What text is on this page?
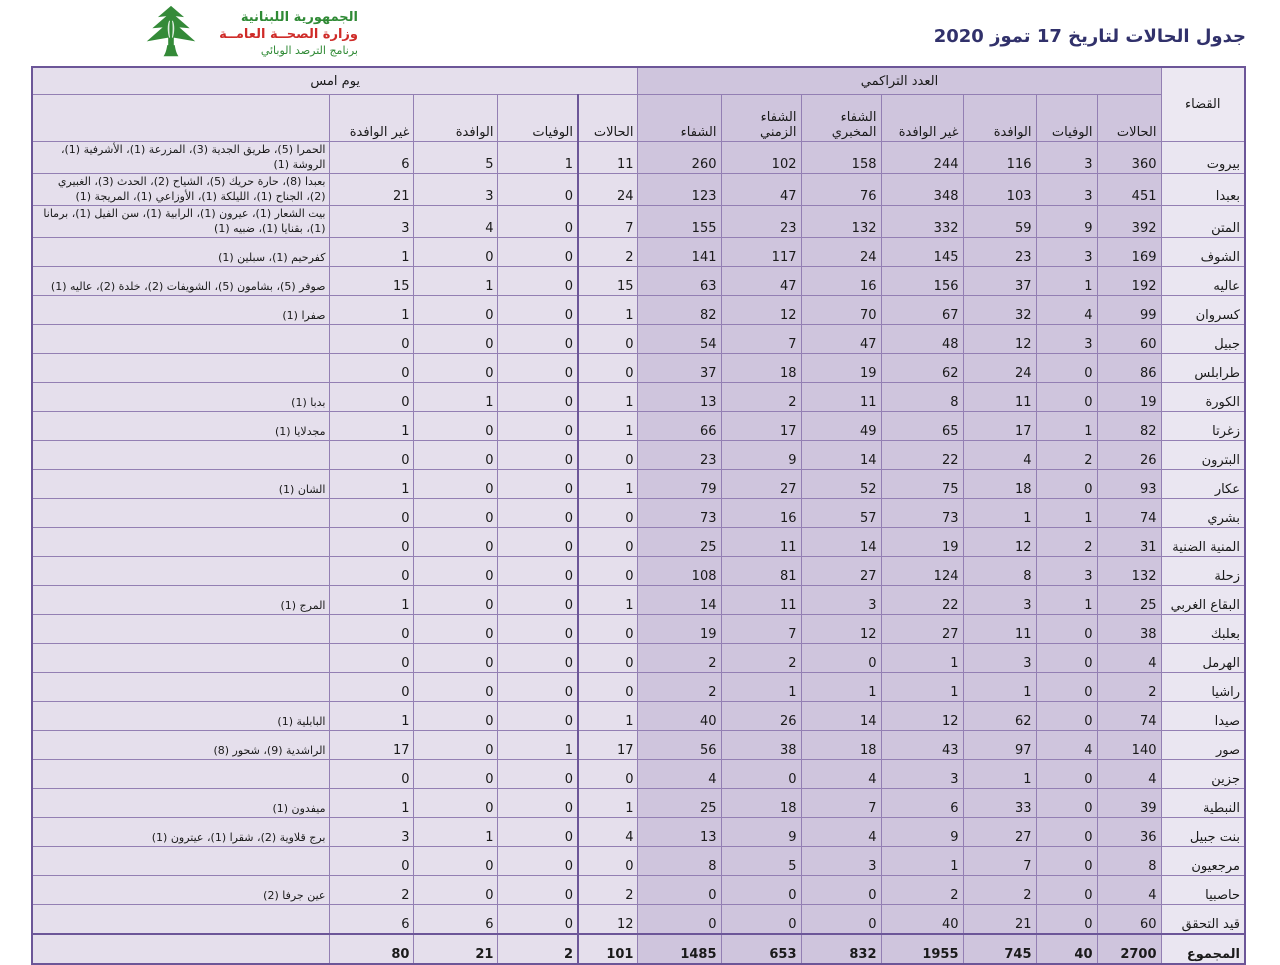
الجمهورية اللبنانية
وزارة الصحــة العامــة
برنامج الترصد الوبائي
جدول الحالات لتاريخ 17 تموز 2020
القضاء	العدد التراكمي							يوم امس				
	الحالات	الوفيات	الوافدة	غير الوافدة	الشفاء المخبري	الشفاء الزمني	الشفاء	الحالات	الوفيات	الوافدة	غير الوافدة	
بيروت	360	3	116	244	158	102	260	11	1	5	6	الحمرا (5)، طريق الجدية (3)، المزرعة (1)، الأشرفية (1)، الروشة (1)
بعبدا	451	3	103	348	76	47	123	24	0	3	21	بعبدا (8)، حارة حريك (5)، الشياح (2)، الحدث (3)، الغبيري (2)، الجناح (1)، الليلكة (1)، الأوزاعي (1)، المريجة (1)
المتن	392	9	59	332	132	23	155	7	0	4	3	بيت الشعار (1)، عيرون (1)، الرابية (1)، سن الفيل (1)، برمانا (1)، بقنايا (1)، ضبيه (1)
الشوف	169	3	23	145	24	117	141	2	0	0	1	كفرحيم (1)، سبلين (1)
عاليه	192	1	37	156	16	47	63	15	0	1	15	صوفر (5)، بشامون (5)، الشويفات (2)، خلدة (2)، عاليه (1)
كسروان	99	4	32	67	70	12	82	1	0	0	1	صفرا (1)
جبيل	60	3	12	48	47	7	54	0	0	0	0	
طرابلس	86	0	24	62	19	18	37	0	0	0	0	
الكورة	19	0	11	8	11	2	13	1	0	1	0	بدبا (1)
زغرتا	82	1	17	65	49	17	66	1	0	0	1	مجدلايا (1)
البترون	26	2	4	22	14	9	23	0	0	0	0	
عكار	93	0	18	75	52	27	79	1	0	0	1	الشان (1)
بشري	74	1	1	73	57	16	73	0	0	0	0	
المنية الضنية	31	2	12	19	14	11	25	0	0	0	0	
زحلة	132	3	8	124	27	81	108	0	0	0	0	
البقاع الغربي	25	1	3	22	3	11	14	1	0	0	1	المرج (1)
بعلبك	38	0	11	27	12	7	19	0	0	0	0	
الهرمل	4	0	3	1	0	2	2	0	0	0	0	
راشيا	2	0	1	1	1	1	2	0	0	0	0	
صيدا	74	0	62	12	14	26	40	1	0	0	1	البابلية (1)
صور	140	4	97	43	18	38	56	17	1	0	17	الراشدية (9)، شحور (8)
جزين	4	0	1	3	4	0	4	0	0	0	0	
النبطية	39	0	33	6	7	18	25	1	0	0	1	ميفدون (1)
بنت جبيل	36	0	27	9	4	9	13	4	0	1	3	برج قلاوية (2)، شقرا (1)، عيترون (1)
مرجعيون	8	0	7	1	3	5	8	0	0	0	0	
حاصبيا	4	0	2	2	0	0	0	2	0	0	2	عين جرفا (2)
قيد التحقق	60	0	21	40	0	0	0	12	0	6	6	
المجموع	2700	40	745	1955	832	653	1485	101	2	21	80	
